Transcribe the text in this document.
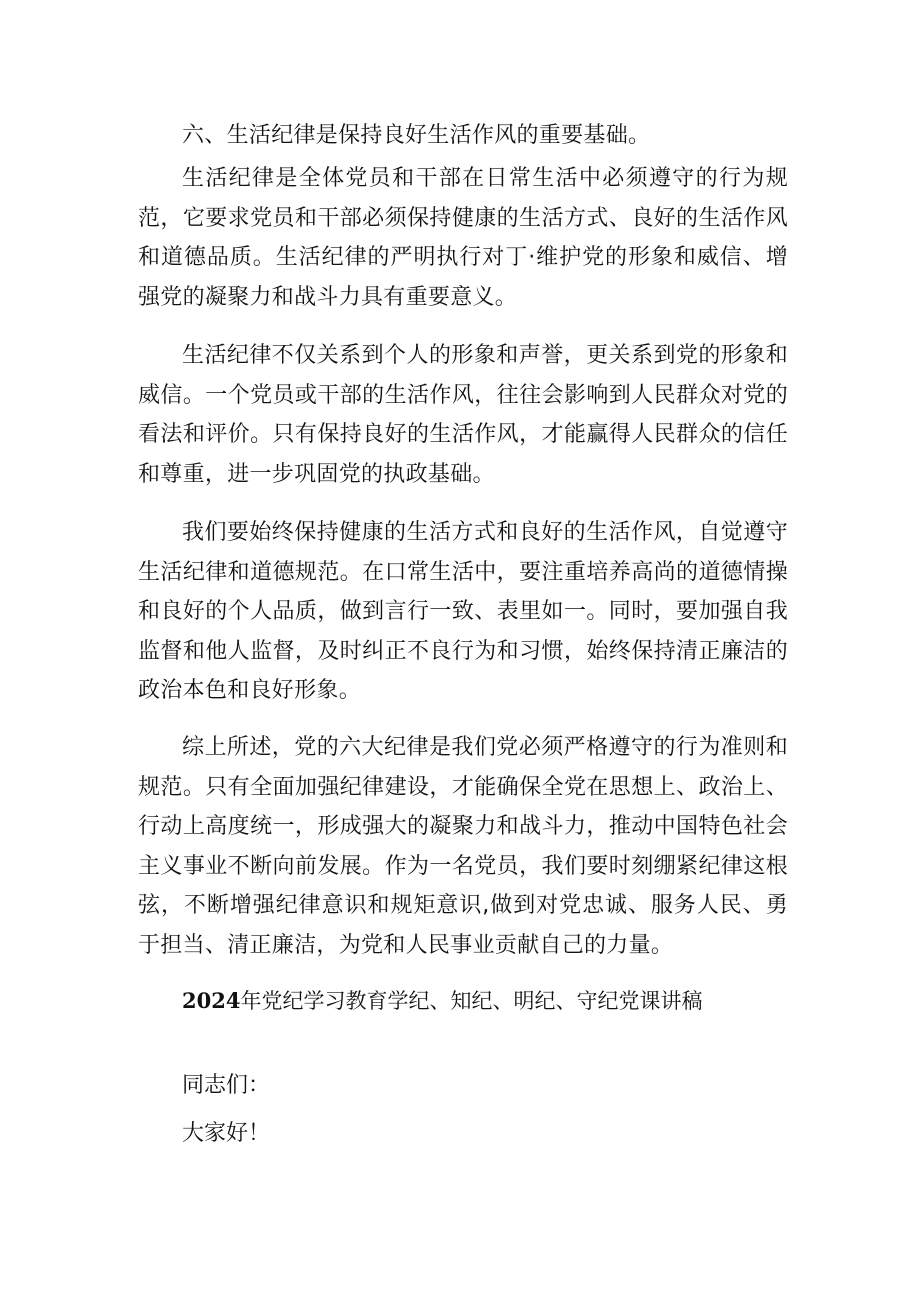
六、生活纪律是保持良好生活作风的重要基础。

生活纪律是全体党员和干部在日常生活中必须遵守的行为规范，它要求党员和干部必须保持健康的生活方式、良好的生活作风和道德品质。生活纪律的严明执行对丁·维护党的形象和威信、增强党的凝聚力和战斗力具有重要意义。

生活纪律不仅关系到个人的形象和声誉，更关系到党的形象和威信。一个党员或干部的生活作风，往往会影响到人民群众对党的看法和评价。只有保持良好的生活作风，才能赢得人民群众的信任和尊重，进一步巩固党的执政基础。

我们要始终保持健康的生活方式和良好的生活作风，自觉遵守生活纪律和道德规范。在口常生活中，要注重培养高尚的道德情操和良好的个人品质，做到言行一致、表里如一。同时，要加强自我监督和他人监督，及时纠正不良行为和习惯，始终保持清正廉洁的政治本色和良好形象。

综上所述，党的六大纪律是我们党必须严格遵守的行为准则和规范。只有全面加强纪律建设，才能确保全党在思想上、政治上、行动上高度统一，形成强大的凝聚力和战斗力，推动中国特色社会主义事业不断向前发展。作为一名党员，我们要时刻绷紧纪律这根弦，不断增强纪律意识和规矩意识,做到对党忠诚、服务人民、勇于担当、清正廉洁，为党和人民事业贡献自己的力量。

2024年党纪学习教育学纪、知纪、明纪、守纪党课讲稿

同志们：

大家好！
